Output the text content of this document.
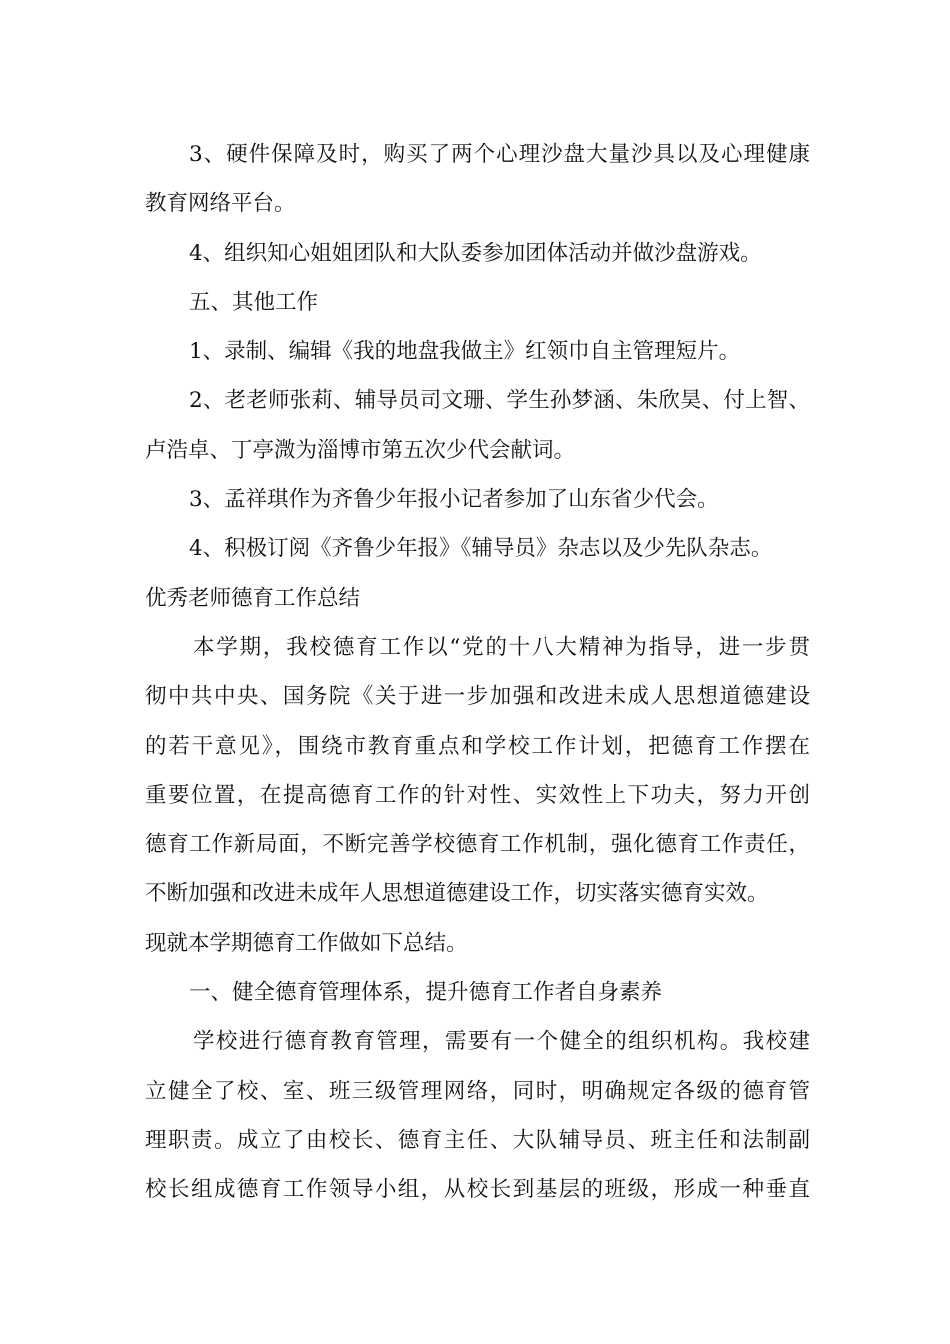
3、硬件保障及时，购买了两个心理沙盘大量沙具以及心理健康
教育网络平台。
4、组织知心姐姐团队和大队委参加团体活动并做沙盘游戏。
五、其他工作
1、录制、编辑《我的地盘我做主》红领巾自主管理短片。
2、老老师张莉、辅导员司文珊、学生孙梦涵、朱欣昊、付上智、
卢浩卓、丁亭溦为淄博市第五次少代会献词。
3、孟祥琪作为齐鲁少年报小记者参加了山东省少代会。
4、积极订阅《齐鲁少年报》《辅导员》杂志以及少先队杂志。
优秀老师德育工作总结
本学期，我校德育工作以“党的十八大精神为指导，进一步贯
彻中共中央、国务院《关于进一步加强和改进未成人思想道德建设
的若干意见》，围绕市教育重点和学校工作计划，把德育工作摆在
重要位置，在提高德育工作的针对性、实效性上下功夫，努力开创
德育工作新局面，不断完善学校德育工作机制，强化德育工作责任，
不断加强和改进未成年人思想道德建设工作，切实落实德育实效。
现就本学期德育工作做如下总结。
一、健全德育管理体系，提升德育工作者自身素养
学校进行德育教育管理，需要有一个健全的组织机构。我校建
立健全了校、室、班三级管理网络，同时，明确规定各级的德育管
理职责。成立了由校长、德育主任、大队辅导员、班主任和法制副
校长组成德育工作领导小组，从校长到基层的班级，形成一种垂直
